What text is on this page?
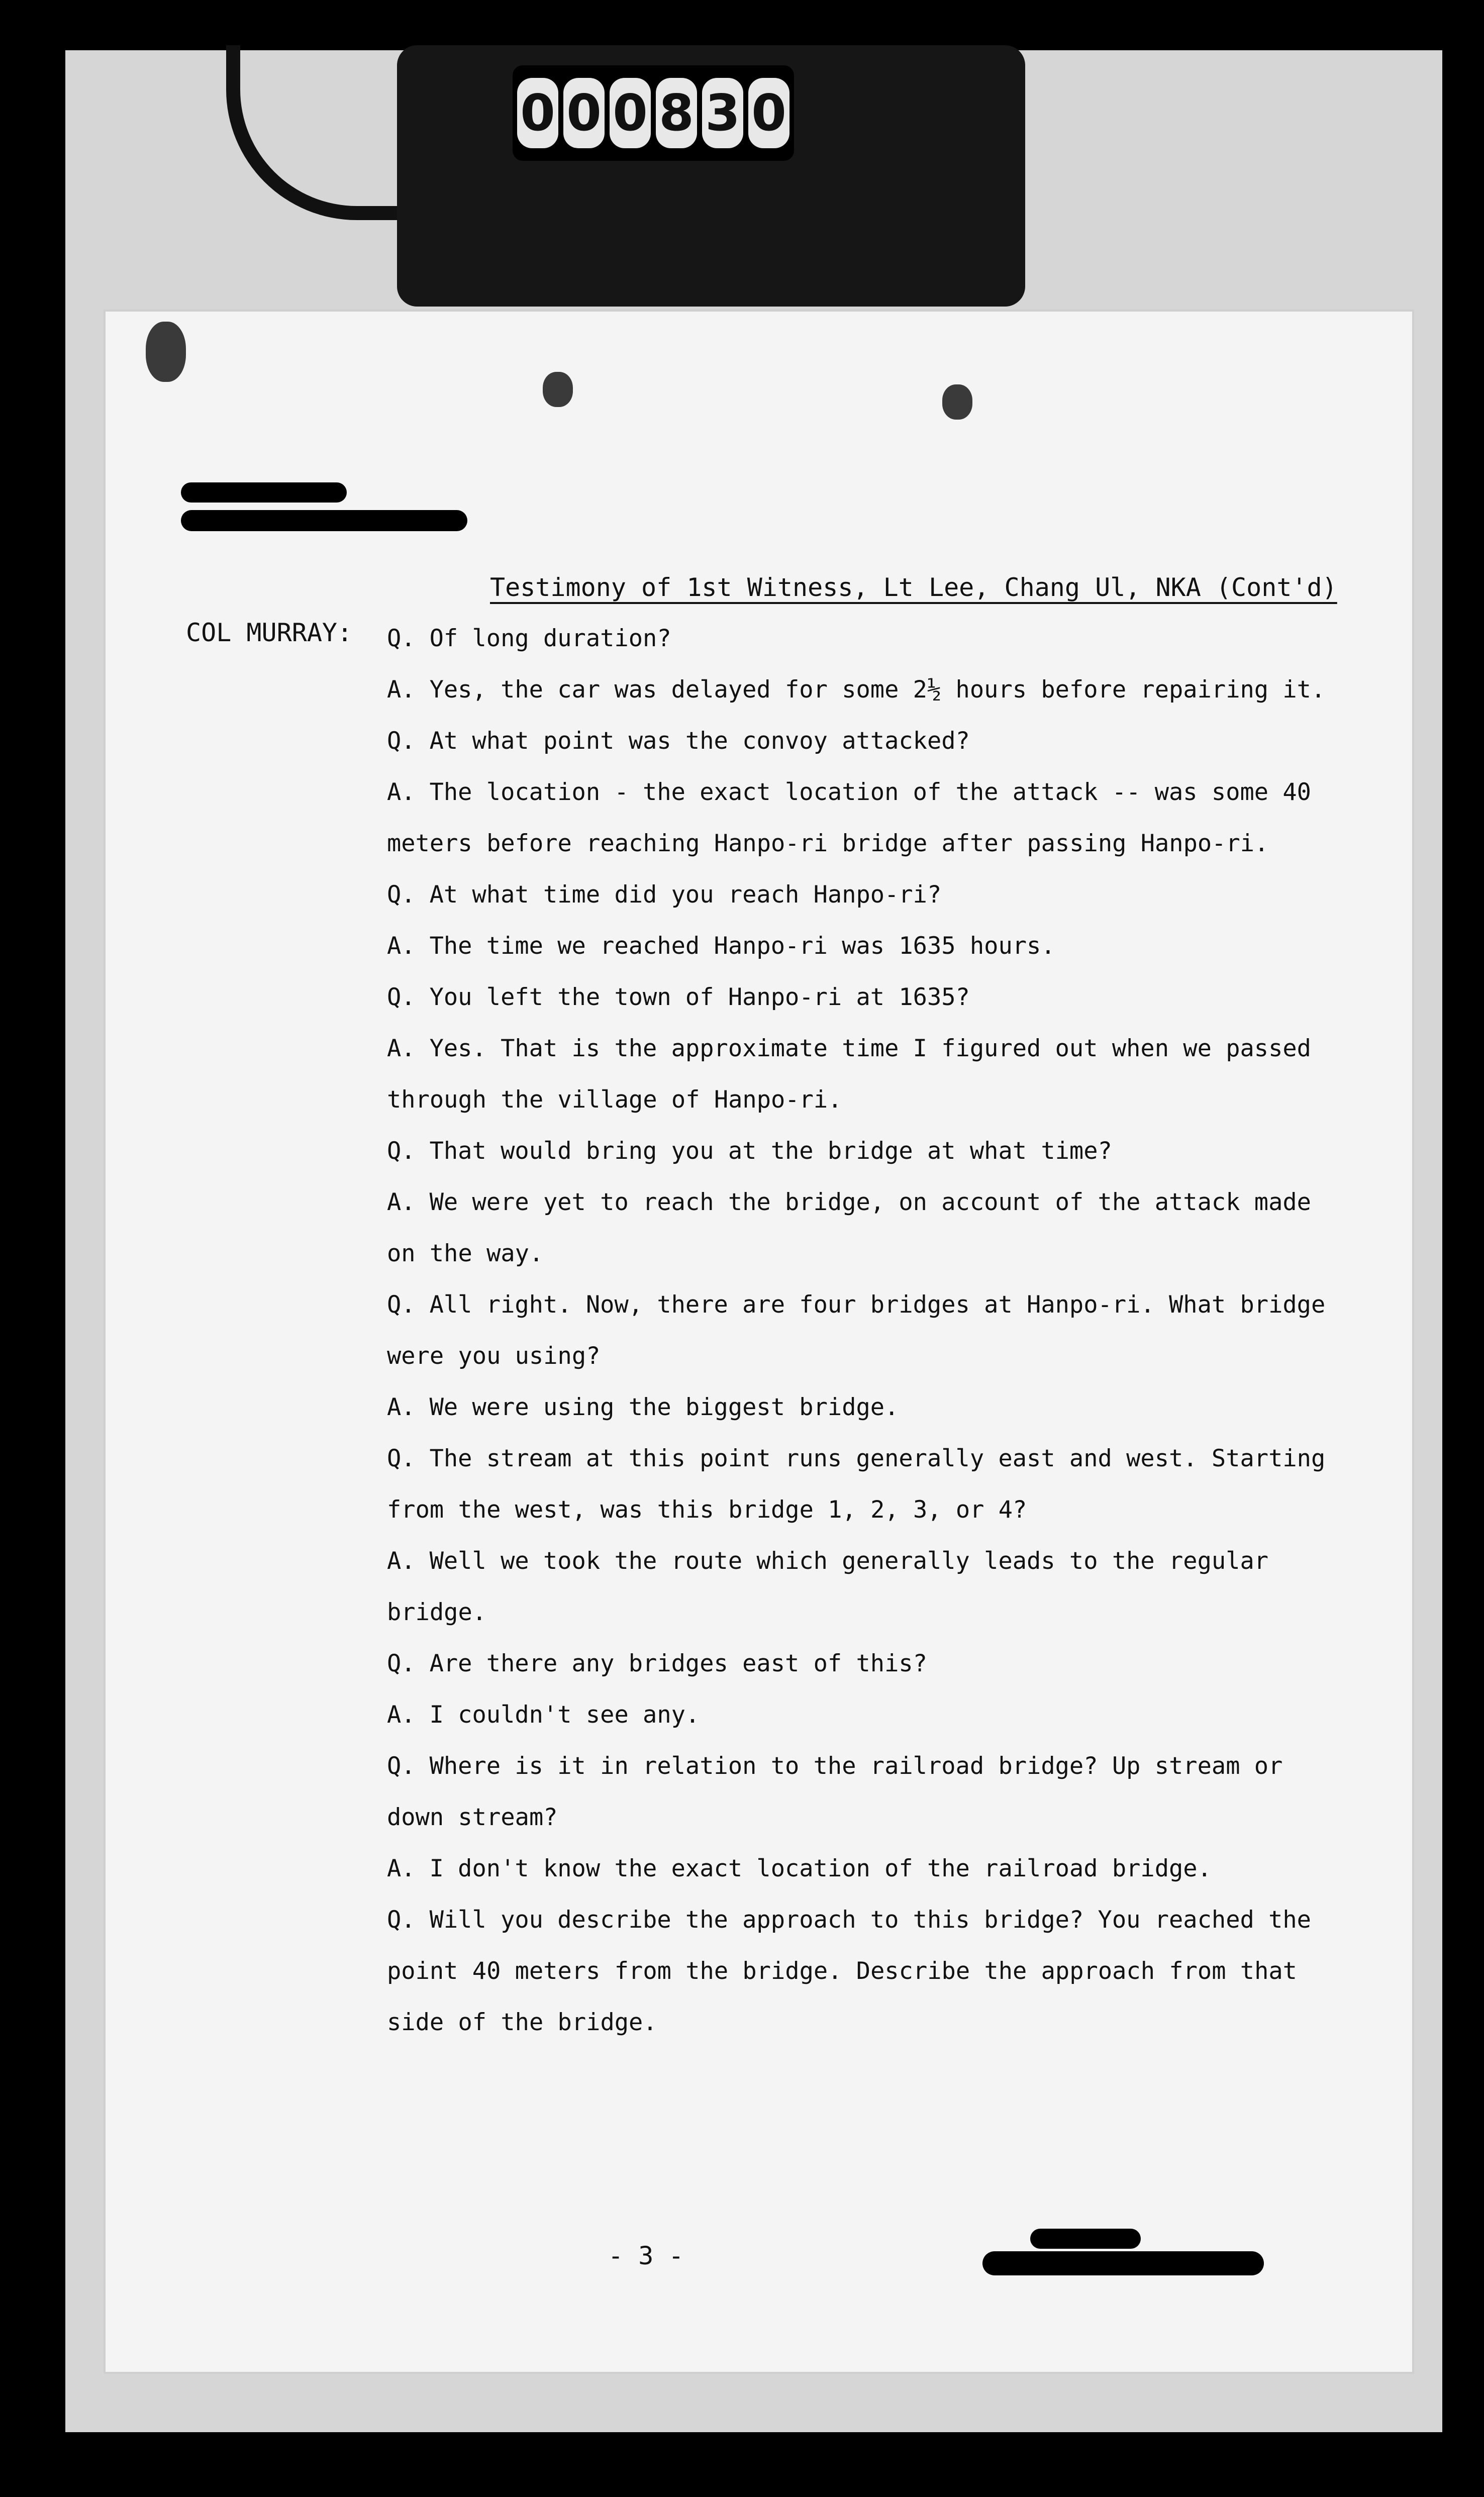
0 0 0 8 3 0
Testimony of 1st Witness, Lt Lee, Chang Ul, NKA (Cont'd)
COL MURRAY: Q. Of long duration?

A. Yes, the car was delayed for some 2½ hours before repairing it.

Q. At what point was the convoy attacked?

A. The location - the exact location of the attack -- was some 40 meters before reaching Hanpo-ri bridge after passing Hanpo-ri.

Q. At what time did you reach Hanpo-ri?

A. The time we reached Hanpo-ri was 1635 hours.

Q. You left the town of Hanpo-ri at 1635?

A. Yes. That is the approximate time I figured out when we passed through the village of Hanpo-ri.

Q. That would bring you at the bridge at what time?

A. We were yet to reach the bridge, on account of the attack made on the way.

Q. All right. Now, there are four bridges at Hanpo-ri. What bridge were you using?

A. We were using the biggest bridge.

Q. The stream at this point runs generally east and west. Starting from the west, was this bridge 1, 2, 3, or 4?

A. Well we took the route which generally leads to the regular bridge.

Q. Are there any bridges east of this?

A. I couldn't see any.

Q. Where is it in relation to the railroad bridge? Up stream or down stream?

A. I don't know the exact location of the railroad bridge.

Q. Will you describe the approach to this bridge? You reached the point 40 meters from the bridge. Describe the approach from that side of the bridge.

- 3 -
